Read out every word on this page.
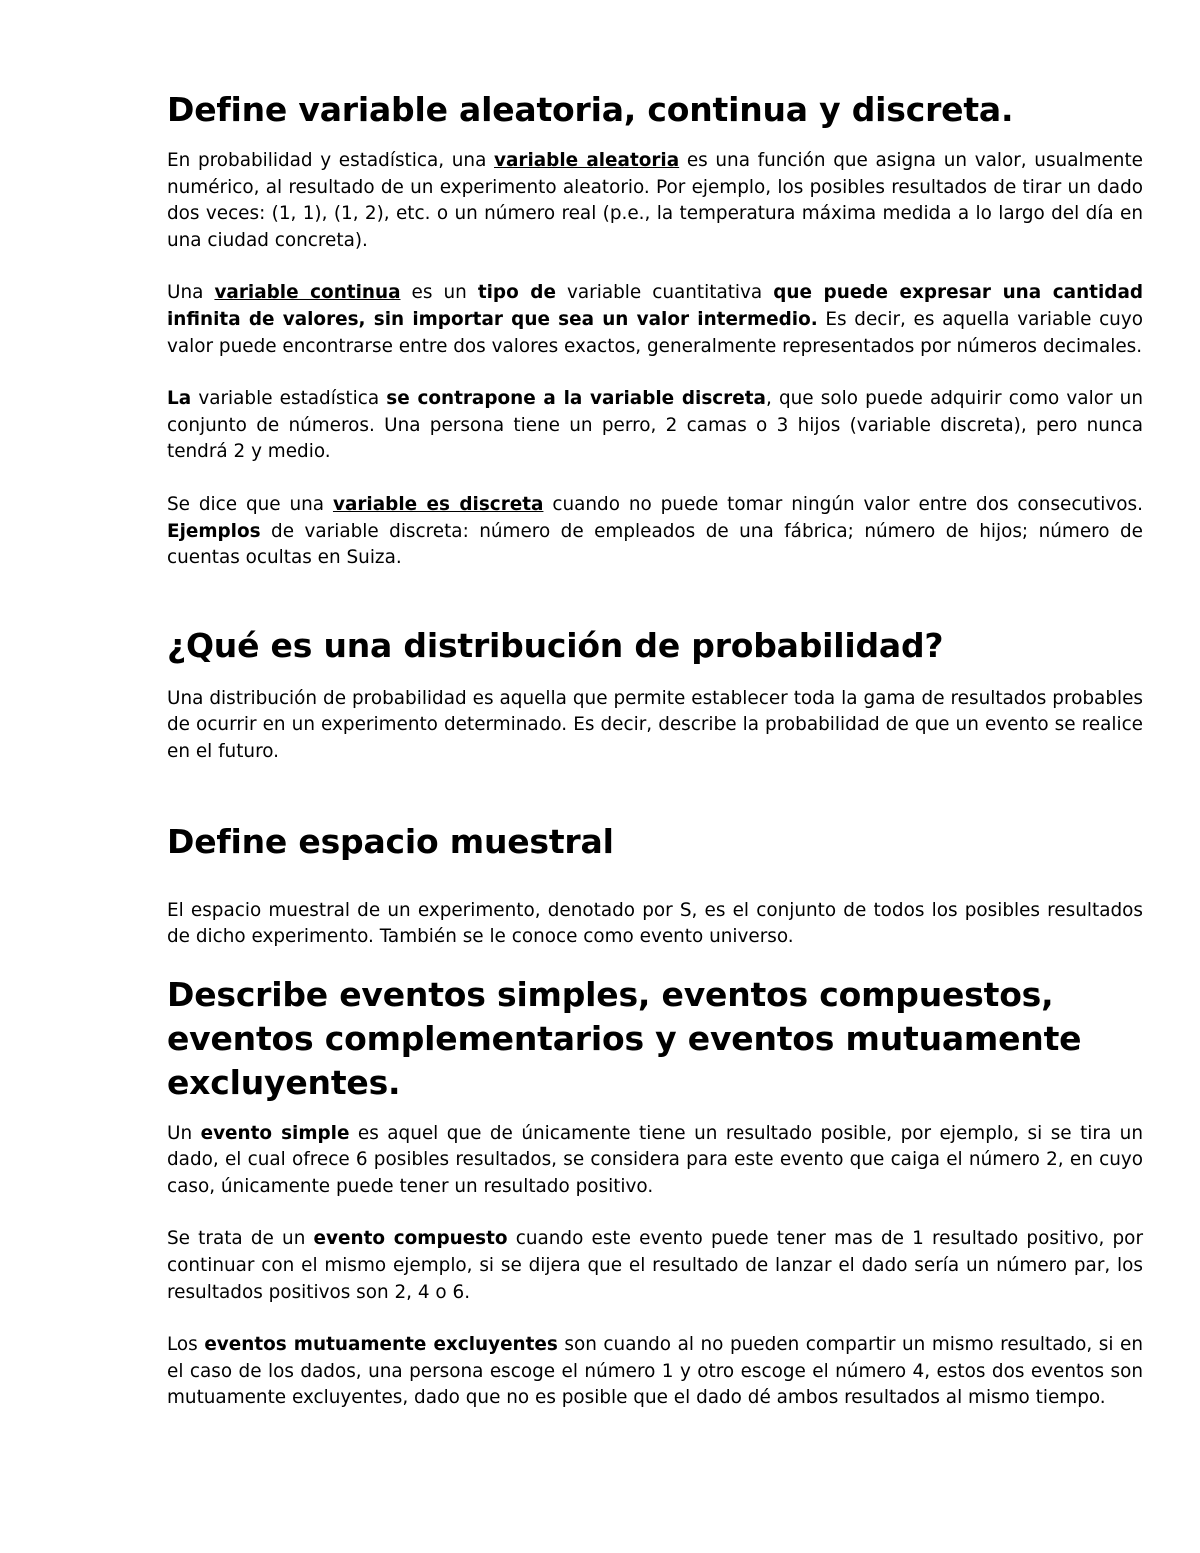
Define variable aleatoria, continua y discreta.

En probabilidad y estadística, una variable aleatoria es una función que asigna un valor, usualmente numérico, al resultado de un experimento aleatorio. Por ejemplo, los posibles resultados de tirar un dado dos veces: (1, 1), (1, 2), etc. o un número real (p.e., la temperatura máxima medida a lo largo del día en una ciudad concreta).

Una variable continua es un tipo de variable cuantitativa que puede expresar una cantidad infinita de valores, sin importar que sea un valor intermedio. Es decir, es aquella variable cuyo valor puede encontrarse entre dos valores exactos, generalmente representados por números decimales.

La variable estadística se contrapone a la variable discreta, que solo puede adquirir como valor un conjunto de números. Una persona tiene un perro, 2 camas o 3 hijos (variable discreta), pero nunca tendrá 2 y medio.

Se dice que una variable es discreta cuando no puede tomar ningún valor entre dos consecutivos. Ejemplos de variable discreta: número de empleados de una fábrica; número de hijos; número de cuentas ocultas en Suiza.

¿Qué es una distribución de probabilidad?

Una distribución de probabilidad es aquella que permite establecer toda la gama de resultados probables de ocurrir en un experimento determinado. Es decir, describe la probabilidad de que un evento se realice en el futuro.

Define espacio muestral

El espacio muestral de un experimento, denotado por S, es el conjunto de todos los posibles resultados de dicho experimento. También se le conoce como evento universo.

Describe eventos simples, eventos compuestos, eventos complementarios y eventos mutuamente excluyentes.

Un evento simple es aquel que de únicamente tiene un resultado posible, por ejemplo, si se tira un dado, el cual ofrece 6 posibles resultados, se considera para este evento que caiga el número 2, en cuyo caso, únicamente puede tener un resultado positivo.

Se trata de un evento compuesto cuando este evento puede tener mas de 1 resultado positivo, por continuar con el mismo ejemplo, si se dijera que el resultado de lanzar el dado sería un número par, los resultados positivos son 2, 4 o 6.

Los eventos mutuamente excluyentes son cuando al no pueden compartir un mismo resultado, si en el caso de los dados, una persona escoge el número 1 y otro escoge el número 4, estos dos eventos son mutuamente excluyentes, dado que no es posible que el dado dé ambos resultados al mismo tiempo.
